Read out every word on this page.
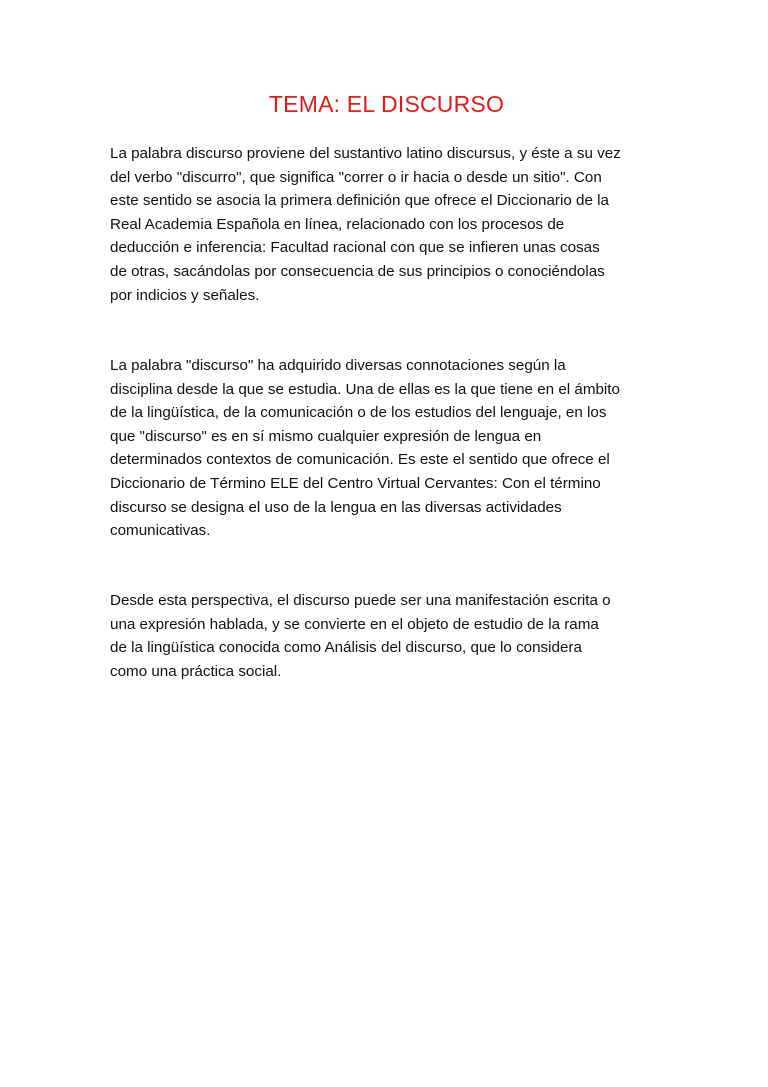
TEMA: EL DISCURSO

La palabra discurso proviene del sustantivo latino discursus, y éste a su vez
del verbo "discurro", que significa "correr o ir hacia o desde un sitio". Con
este sentido se asocia la primera definición que ofrece el Diccionario de la
Real Academia Española en línea, relacionado con los procesos de
deducción e inferencia: Facultad racional con que se infieren unas cosas
de otras, sacándolas por consecuencia de sus principios o conociéndolas
por indicios y señales.

La palabra "discurso" ha adquirido diversas connotaciones según la
disciplina desde la que se estudia. Una de ellas es la que tiene en el ámbito
de la lingüística, de la comunicación o de los estudios del lenguaje, en los
que "discurso" es en sí mismo cualquier expresión de lengua en
determinados contextos de comunicación. Es este el sentido que ofrece el
Diccionario de Término ELE del Centro Virtual Cervantes: Con el término
discurso se designa el uso de la lengua en las diversas actividades
comunicativas.

Desde esta perspectiva, el discurso puede ser una manifestación escrita o
una expresión hablada, y se convierte en el objeto de estudio de la rama
de la lingüística conocida como Análisis del discurso, que lo considera
como una práctica social.
